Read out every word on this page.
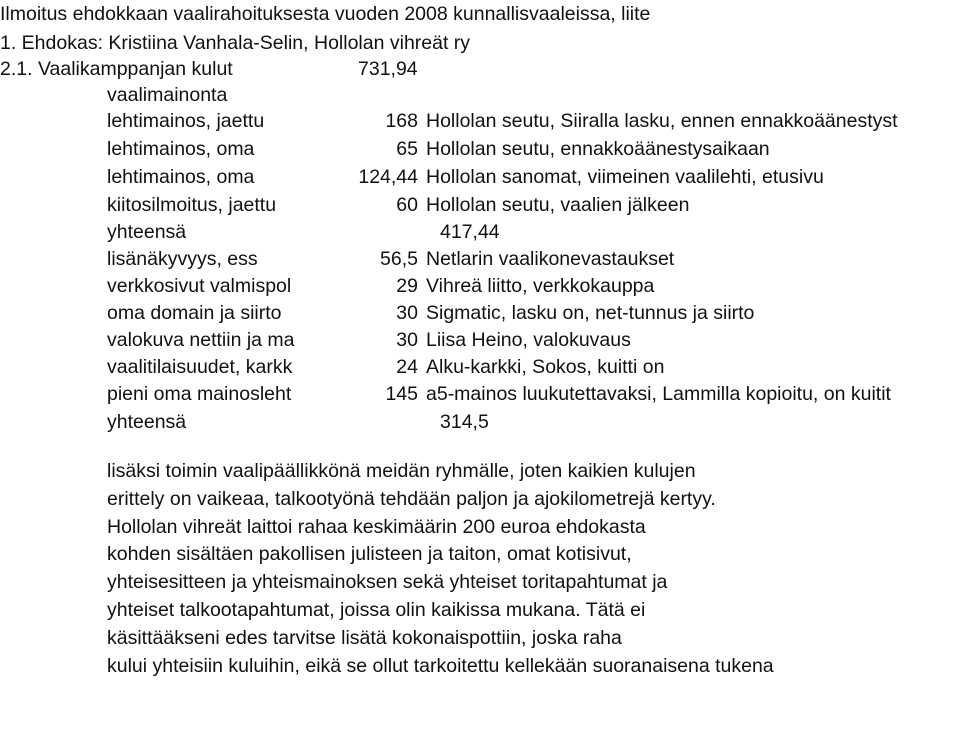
Ilmoitus ehdokkaan vaalirahoituksesta vuoden 2008 kunnallisvaaleissa, liite
1. Ehdokas: Kristiina Vanhala-Selin, Hollolan vihreät ry
2.1. Vaalikamppanjan kulut	731,94
vaalimainonta
lehtimainos, jaettu	168 Hollolan seutu, Siiralla lasku, ennen ennakkoäänestyst
lehtimainos, oma	65 Hollolan seutu, ennakkoäänestysaikaan
lehtimainos, oma	124,44 Hollolan sanomat, viimeinen vaalilehti, etusivu
kiitosilmoitus, jaettu	60 Hollolan seutu, vaalien jälkeen
yhteensä	417,44
lisänäkyvyys, ess	56,5 Netlarin vaalikonevastaukset
verkkosivut valmispol	29 Vihreä liitto, verkkokauppa
oma domain ja siirto	30 Sigmatic, lasku on, net-tunnus ja siirto
valokuva nettiin ja mа	30 Liisa Heino, valokuvaus
vaalitilaisuudet, karkk	24 Alku-karkki, Sokos, kuitti on
pieni oma mainosleht	145 a5-mainos luukutettavaksi, Lammilla kopioitu, on kuitit
yhteensä	314,5
lisäksi toimin vaalipäällikkönä meidän ryhmälle, joten kaikien kulujen
erittely on vaikeaa, talkootyönä tehdään paljon ja ajokilometrejä kertyy.
Hollolan vihreät laittoi rahaa keskimäärin 200 euroa ehdokasta
kohden sisältäen pakollisen julisteen ja taiton, omat kotisivut,
yhteisesitteen ja yhteismainoksen sekä yhteiset toritapahtumat ja
yhteiset talkootapahtumat, joissa olin kaikissa mukana. Tätä ei
käsittääkseni edes tarvitse lisätä kokonaispottiin, joska raha
kului yhteisiin kuluihin, eikä se ollut tarkoitettu kellekään suoranaisena tukena
